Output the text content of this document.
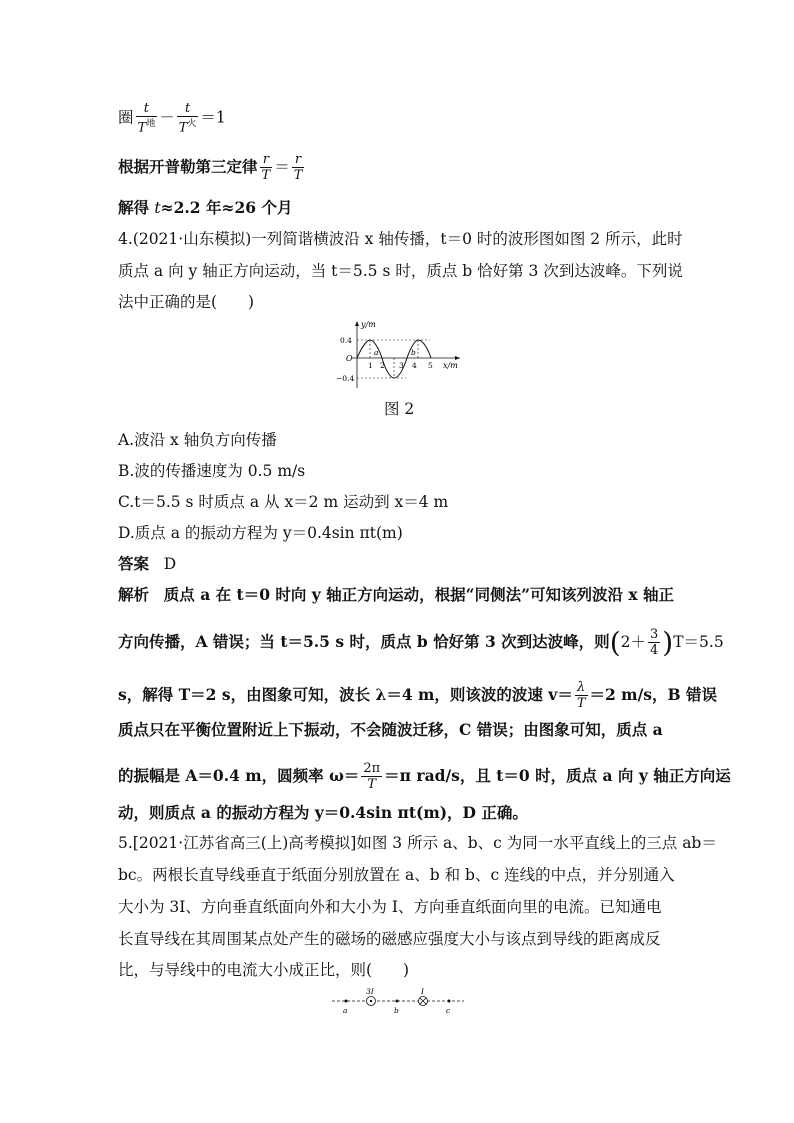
圈 $\frac{t}{T^地} - \frac{t}{T^火} =1$
根据开普勒第三定律 $\frac{r}{T} = \frac{r}{T}$
解得 t≈2.2 年≈26 个月
4.(2021·山东模拟)一列简谐横波沿 x 轴传播，t＝0 时的波形图如图 2 所示，此时
质点 a 向 y 轴正方向运动，当 t＝5.5 s 时，质点 b 恰好第 3 次到达波峰。下列说
法中正确的是(　　)
y/m
x/m
O
0.4
−0.4
1 2 3 4 5
a	b
图 2
A.波沿 x 轴负方向传播
B.波的传播速度为 0.5 m/s
C.t＝5.5 s 时质点 a 从 x＝2 m 运动到 x＝4 m
D.质点 a 的振动方程为 y＝0.4sin πt(m)
答案 D
解析 质点 a 在 t＝0 时向 y 轴正方向运动，根据“同侧法”可知该列波沿 x 轴正
方向传播，A 错误；当 t＝5.5 s 时，质点 b 恰好第 3 次到达波峰，则$(2+ \frac{3}{4} )T=5.5$
s，解得 T＝2 s，由图象可知，波长 λ＝4 m，则该波的波速 $v= \frac{\lambda}{T} =2$ m/s，B 错误
质点只在平衡位置附近上下振动，不会随波迁移，C 错误；由图象可知，质点 a
的振幅是 A＝0.4 m，圆频率 $\omega= \frac{2\pi}{T} =\pi$ rad/s，且 t＝0 时，质点 a 向 y 轴正方向运
动，则质点 a 的振动方程为 y＝0.4sin πt(m)，D 正确。
5.[2021·江苏省高三(上)高考模拟]如图 3 所示 a、b、c 为同一水平直线上的三点 ab＝
bc。两根长直导线垂直于纸面分别放置在 a、b 和 b、c 连线的中点，并分别通入
大小为 3I、方向垂直纸面向外和大小为 I、方向垂直纸面向里的电流。已知通电
长直导线在其周围某点处产生的磁场的磁感应强度大小与该点到导线的距离成反
比，与导线中的电流大小成正比，则(　　)
3I	I
a	b	c
